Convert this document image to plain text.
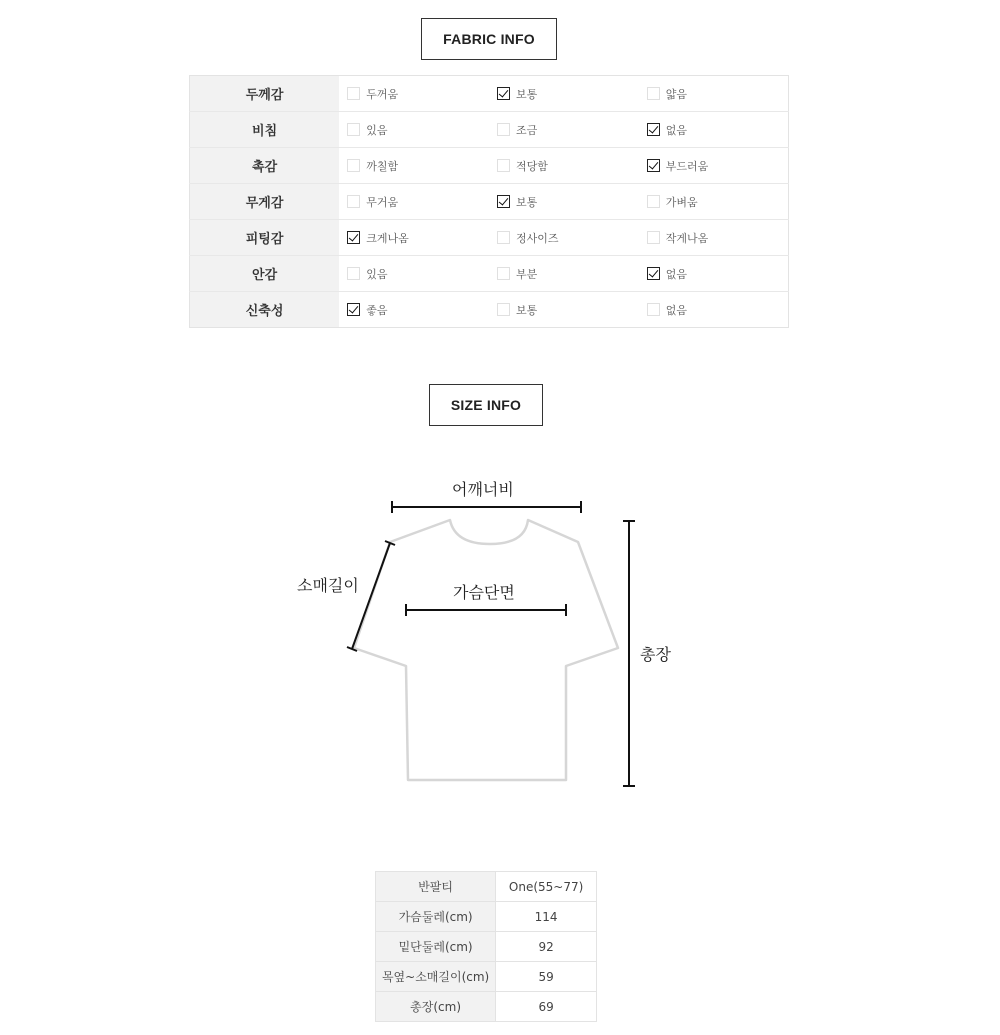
FABRIC INFO
두께감	두꺼움	보통	얇음

비침	있음	조금	없음

촉감	까칠함	적당함	부드러움

무게감	무거움	보통	가벼움

피팅감	크게나옴	정사이즈	작게나옴

안감	있음	부분	없음

신축성	좋음	보통	없음
SIZE INFO
어깨너비
소매길이	가슴단면
총장
반팔티	One(55~77)
가슴둘레(cm)	114
밑단둘레(cm)	92
목옆~소매길이(cm)	59
총장(cm)	69
